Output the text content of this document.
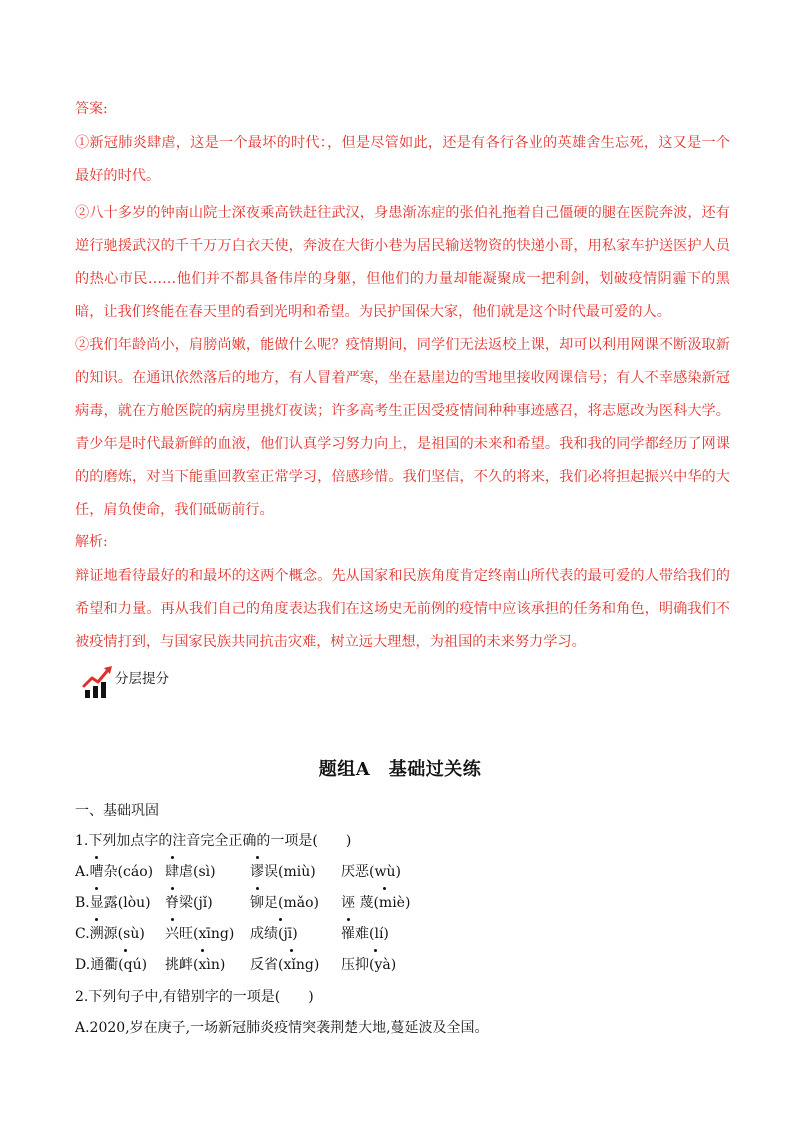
答案:

①新冠肺炎肆虐，这是一个最坏的时代：，但是尽管如此，还是有各行各业的英雄舍生忘死，这又是一个最好的时代。

②八十多岁的钟南山院士深夜乘高铁赶往武汉，身患渐冻症的张伯礼拖着自己僵硬的腿在医院奔波，还有逆行驰援武汉的千千万万白衣天使，奔波在大街小巷为居民输送物资的快递小哥，用私家车护送医护人员的热心市民……他们并不都具备伟岸的身躯，但他们的力量却能凝聚成一把利剑，划破疫情阴霾下的黑暗，让我们终能在春天里的看到光明和希望。为民护国保大家，他们就是这个时代最可爱的人。

②我们年龄尚小，肩膀尚嫩，能做什么呢？疫情期间，同学们无法返校上课，却可以利用网课不断汲取新的知识。在通讯依然落后的地方，有人冒着严寒，坐在悬崖边的雪地里接收网课信号；有人不幸感染新冠病毒，就在方舱医院的病房里挑灯夜读；许多高考生正因受疫情间种种事迹感召，将志愿改为医科大学。青少年是时代最新鲜的血液，他们认真学习努力向上，是祖国的未来和希望。我和我的同学都经历了网课的的磨炼，对当下能重回教室正常学习，倍感珍惜。我们坚信，不久的将来，我们必将担起振兴中华的大任，肩负使命，我们砥砺前行。

解析:

辩证地看待最好的和最坏的这两个概念。先从国家和民族角度肯定终南山所代表的最可爱的人带给我们的希望和力量。再从我们自己的角度表达我们在这场史无前例的疫情中应该承担的任务和角色，明确我们不被疫情打到，与国家民族共同抗击灾难，树立远大理想，为祖国的未来努力学习。

分层提分
题组A　基础过关练
一、基础巩固
1.下列加点字的注音完全正确的一项是(　　)
A.嘈杂(cáo) 肆虐(sì) 谬误(miù) 厌恶(wù)
B.显露(lòu) 脊梁(jǐ)	铆足(mǎo) 诬 蔑(miè)
C.溯源(sù) 兴旺(xīng) 成绩(jī)	罹难(lí)
D.通衢(qú) 挑衅(xìn) 反省(xǐng) 压抑(yà)
2.下列句子中,有错别字的一项是(　　)
A.2020,岁在庚子,一场新冠肺炎疫情突袭荆楚大地,蔓延波及全国。
